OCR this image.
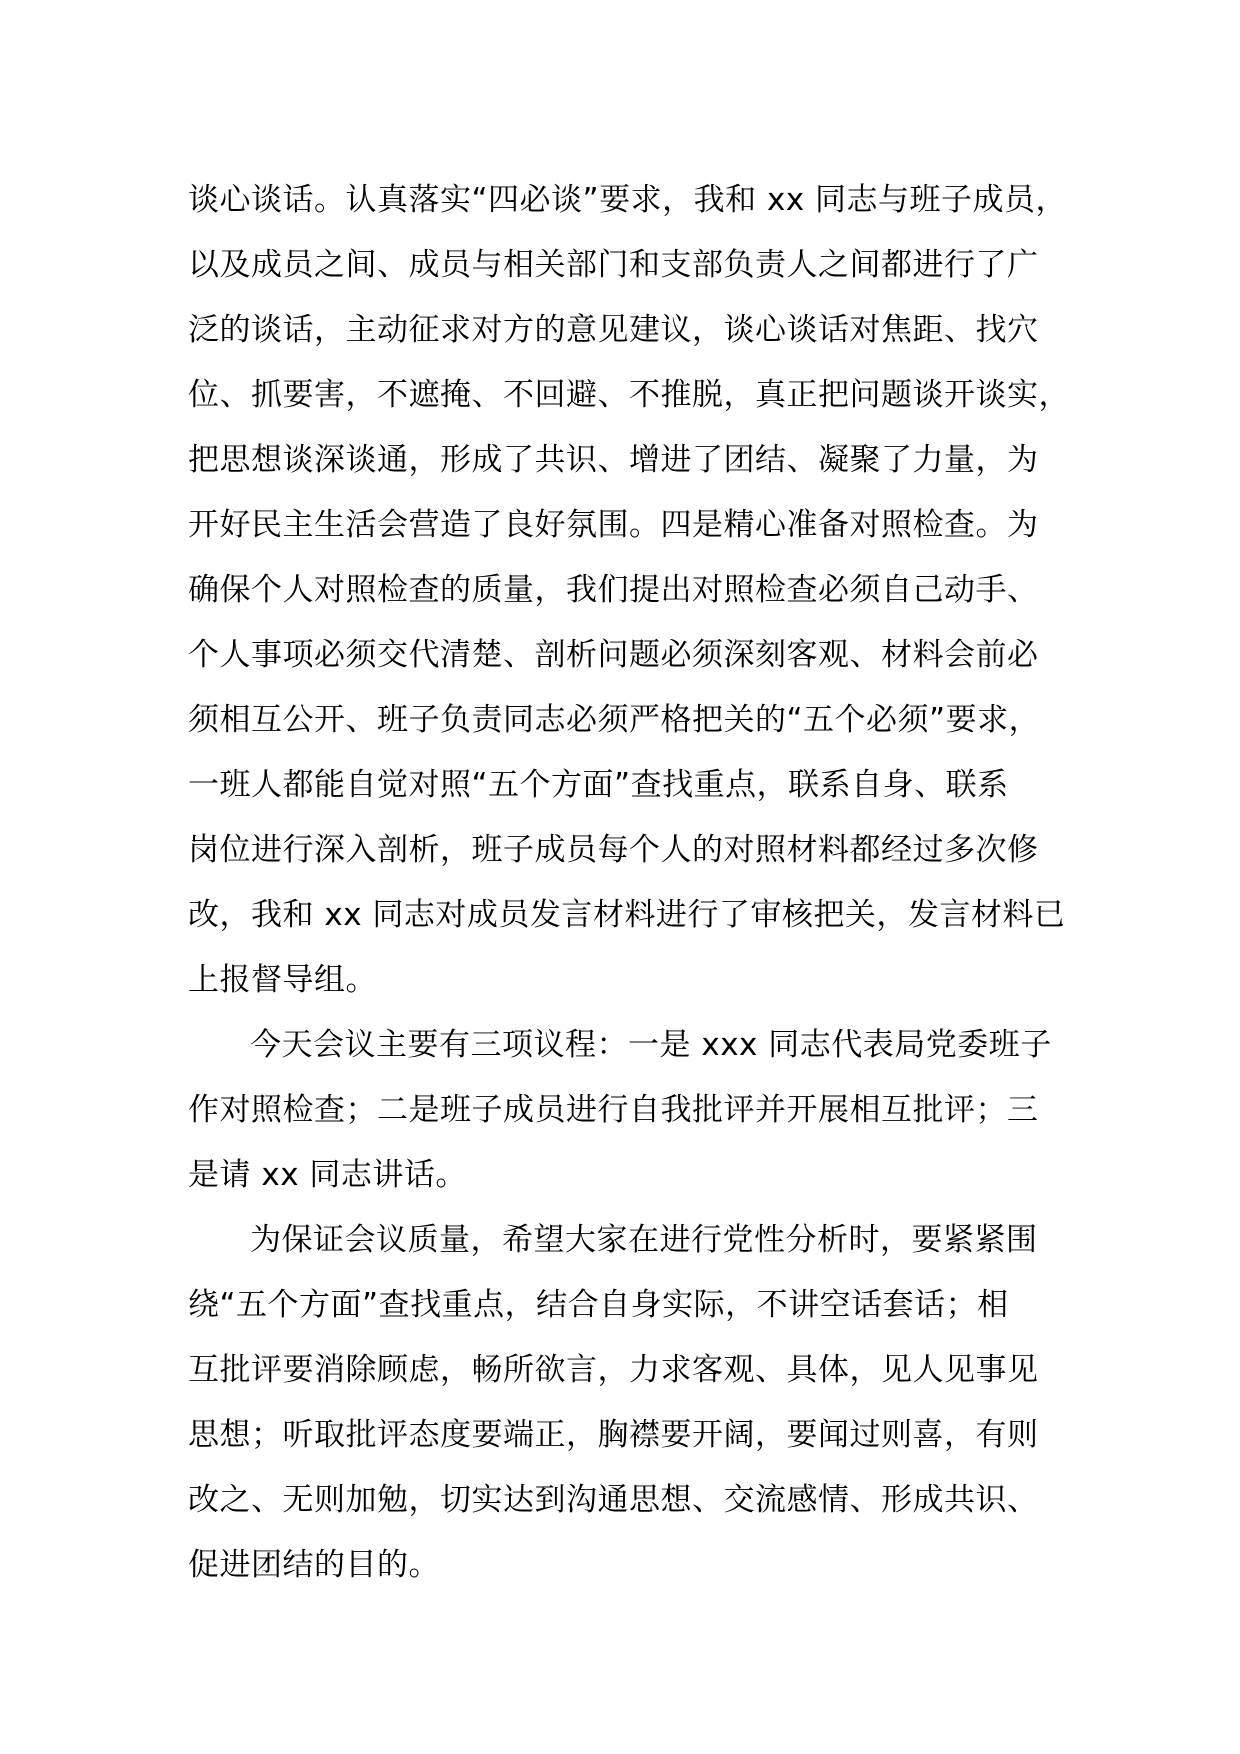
谈心谈话。认真落实“四必谈”要求，我和 xx 同志与班子成员，
以及成员之间、成员与相关部门和支部负责人之间都进行了广
泛的谈话，主动征求对方的意见建议，谈心谈话对焦距、找穴
位、抓要害，不遮掩、不回避、不推脱，真正把问题谈开谈实，
把思想谈深谈通，形成了共识、增进了团结、凝聚了力量，为
开好民主生活会营造了良好氛围。四是精心准备对照检查。为
确保个人对照检查的质量，我们提出对照检查必须自己动手、
个人事项必须交代清楚、剖析问题必须深刻客观、材料会前必
须相互公开、班子负责同志必须严格把关的“五个必须”要求，
一班人都能自觉对照“五个方面”查找重点，联系自身、联系
岗位进行深入剖析，班子成员每个人的对照材料都经过多次修
改，我和 xx 同志对成员发言材料进行了审核把关，发言材料已
上报督导组。
今天会议主要有三项议程：一是 xxx 同志代表局党委班子
作对照检查；二是班子成员进行自我批评并开展相互批评；三
是请 xx 同志讲话。
为保证会议质量，希望大家在进行党性分析时，要紧紧围
绕“五个方面”查找重点，结合自身实际，不讲空话套话；相
互批评要消除顾虑，畅所欲言，力求客观、具体，见人见事见
思想；听取批评态度要端正，胸襟要开阔，要闻过则喜，有则
改之、无则加勉，切实达到沟通思想、交流感情、形成共识、
促进团结的目的。
